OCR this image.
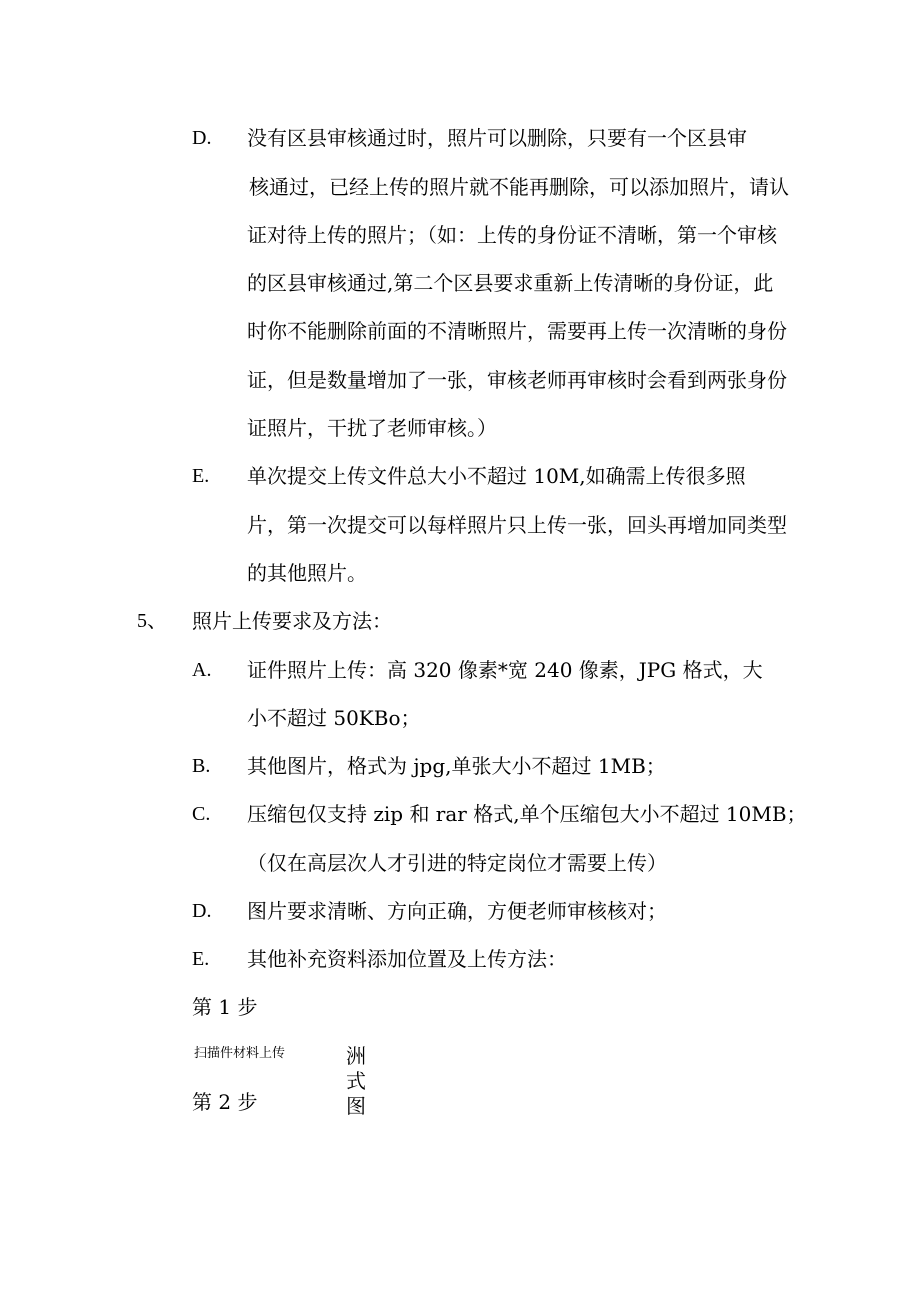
D. 没有区县审核通过时，照片可以删除，只要有一个区县审
核通过，已经上传的照片就不能再删除，可以添加照片，请认
证对待上传的照片；（如：上传的身份证不清晰，第一个审核
的区县审核通过,第二个区县要求重新上传清晰的身份证，此
时你不能删除前面的不清晰照片，需要再上传一次清晰的身份
证，但是数量增加了一张，审核老师再审核时会看到两张身份
证照片，干扰了老师审核。）
E. 单次提交上传文件总大小不超过 10M,如确需上传很多照
片，第一次提交可以每样照片只上传一张，回头再增加同类型
的其他照片。
5、 照片上传要求及方法：
A. 证件照片上传：高 320 像素*宽 240 像素，JPG 格式，大
小不超过 50KBo；
B. 其他图片，格式为 jpg,单张大小不超过 1MB；
C. 压缩包仅支持 zip 和 rar 格式,单个压缩包大小不超过 10MB；
（仅在高层次人才引进的特定岗位才需要上传）
D. 图片要求清晰、方向正确，方便老师审核核对；
E. 其他补充资料添加位置及上传方法：
第 1 步
扫描件材料上传
第 2 步
洲
式
图
